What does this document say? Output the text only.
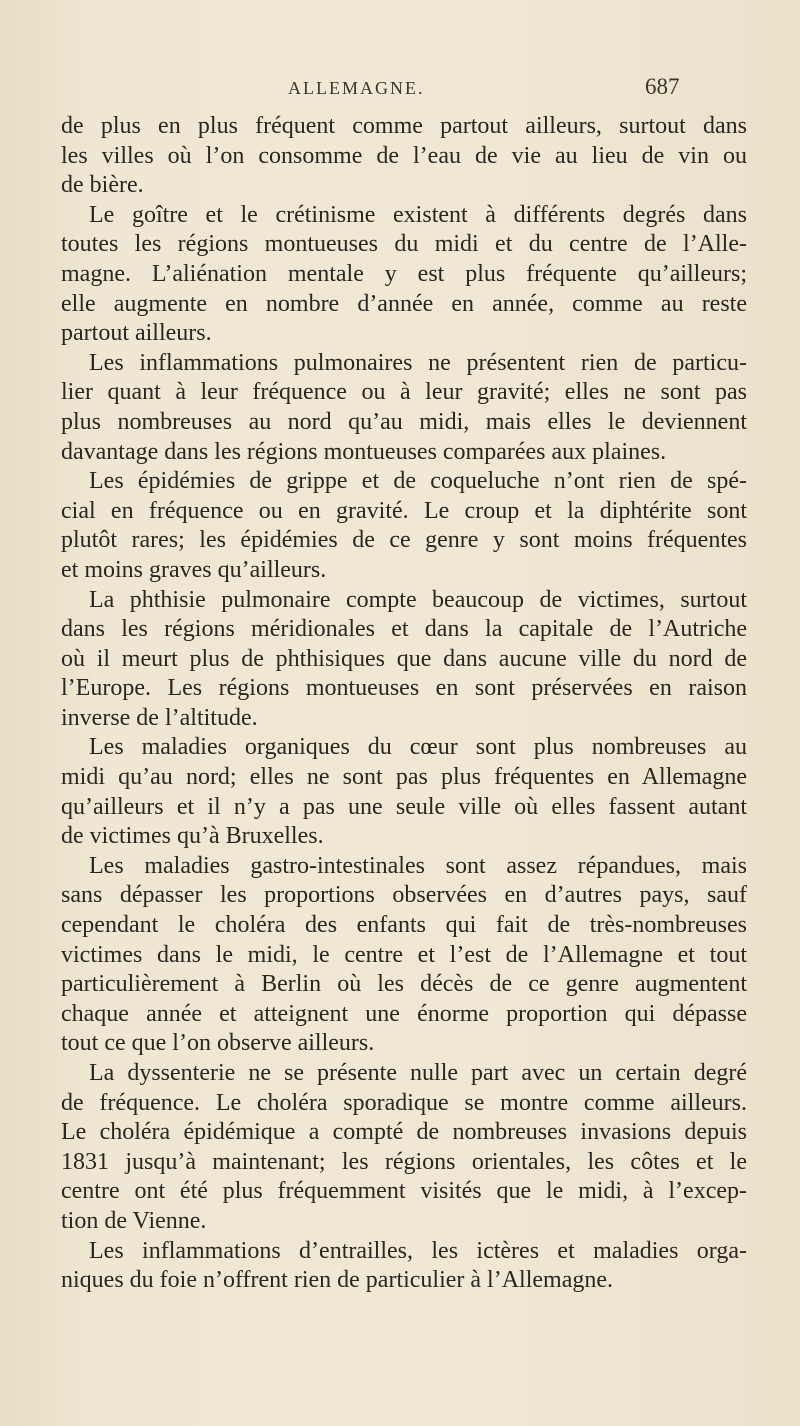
ALLEMAGNE.	687
de plus en plus fréquent comme partout ailleurs, surtout dans
les villes où l’on consomme de l’eau de vie au lieu de vin ou
de bière.
Le goître et le crétinisme existent à différents degrés dans
toutes les régions montueuses du midi et du centre de l’Alle-
magne. L’aliénation mentale y est plus fréquente qu’ailleurs;
elle augmente en nombre d’année en année, comme au reste
partout ailleurs.
Les inflammations pulmonaires ne présentent rien de particu-
lier quant à leur fréquence ou à leur gravité; elles ne sont pas
plus nombreuses au nord qu’au midi, mais elles le deviennent
davantage dans les régions montueuses comparées aux plaines.
Les épidémies de grippe et de coqueluche n’ont rien de spé-
cial en fréquence ou en gravité. Le croup et la diphtérite sont
plutôt rares; les épidémies de ce genre y sont moins fréquentes
et moins graves qu’ailleurs.
La phthisie pulmonaire compte beaucoup de victimes, surtout
dans les régions méridionales et dans la capitale de l’Autriche
où il meurt plus de phthisiques que dans aucune ville du nord de
l’Europe. Les régions montueuses en sont préservées en raison
inverse de l’altitude.
Les maladies organiques du cœur sont plus nombreuses au
midi qu’au nord; elles ne sont pas plus fréquentes en Allemagne
qu’ailleurs et il n’y a pas une seule ville où elles fassent autant
de victimes qu’à Bruxelles.
Les maladies gastro-intestinales sont assez répandues, mais
sans dépasser les proportions observées en d’autres pays, sauf
cependant le choléra des enfants qui fait de très-nombreuses
victimes dans le midi, le centre et l’est de l’Allemagne et tout
particulièrement à Berlin où les décès de ce genre augmentent
chaque année et atteignent une énorme proportion qui dépasse
tout ce que l’on observe ailleurs.
La dyssenterie ne se présente nulle part avec un certain degré
de fréquence. Le choléra sporadique se montre comme ailleurs.
Le choléra épidémique a compté de nombreuses invasions depuis
1831 jusqu’à maintenant; les régions orientales, les côtes et le
centre ont été plus fréquemment visités que le midi, à l’excep-
tion de Vienne.
Les inflammations d’entrailles, les ictères et maladies orga-
niques du foie n’offrent rien de particulier à l’Allemagne.
